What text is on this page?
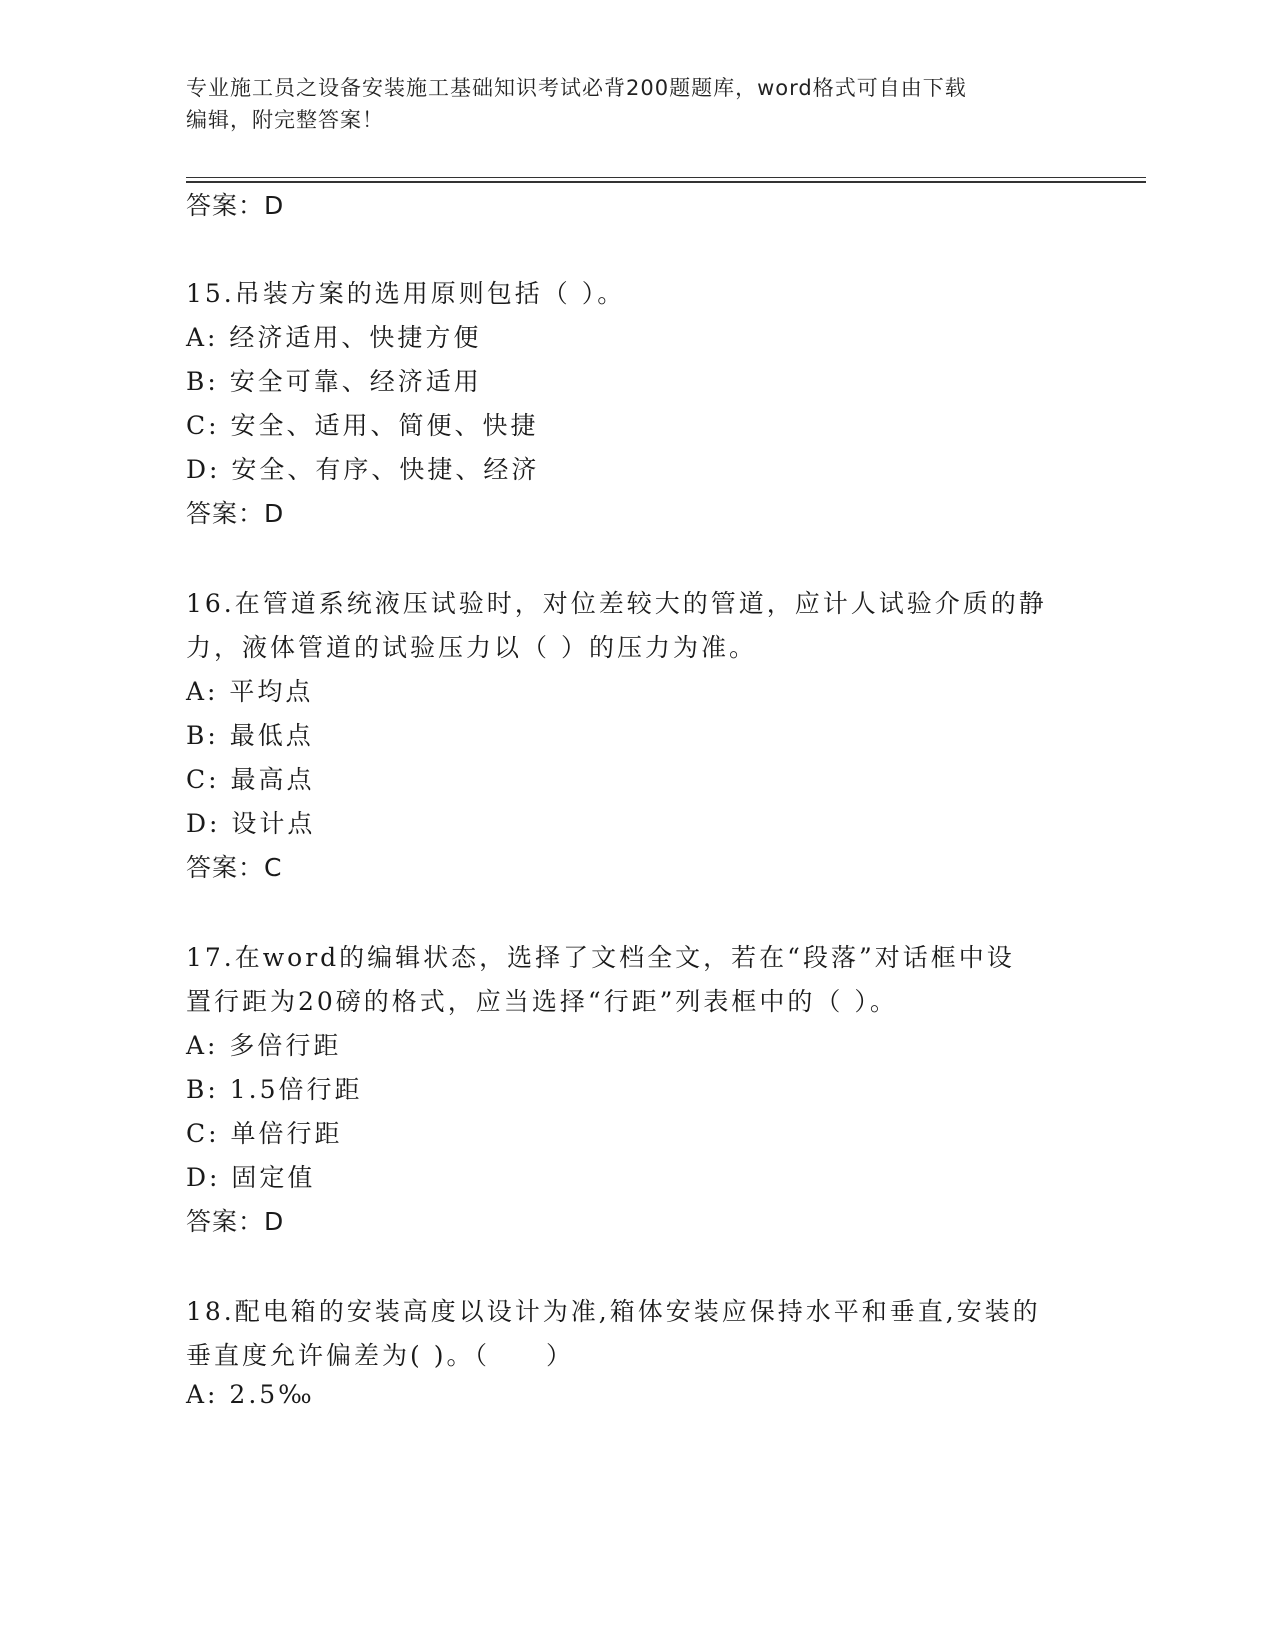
专业施工员之设备安装施工基础知识考试必背200题题库，word格式可自由下载
编辑，附完整答案！
答案：D
15.吊装方案的选用原则包括（ ）。
A: 经济适用、快捷方便
B: 安全可靠、经济适用
C: 安全、适用、简便、快捷
D: 安全、有序、快捷、经济
答案：D
16.在管道系统液压试验时，对位差较大的管道，应计人试验介质的静
力，液体管道的试验压力以（ ）的压力为准。
A: 平均点
B: 最低点
C: 最高点
D: 设计点
答案：C
17.在word的编辑状态，选择了文档全文，若在“段落”对话框中设
置行距为20磅的格式，应当选择“行距”列表框中的（ ）。
A: 多倍行距
B: 1.5倍行距
C: 单倍行距
D: 固定值
答案：D
18.配电箱的安装高度以设计为准,箱体安装应保持水平和垂直,安装的
垂直度允许偏差为( )。（　　）
A: 2.5‰
